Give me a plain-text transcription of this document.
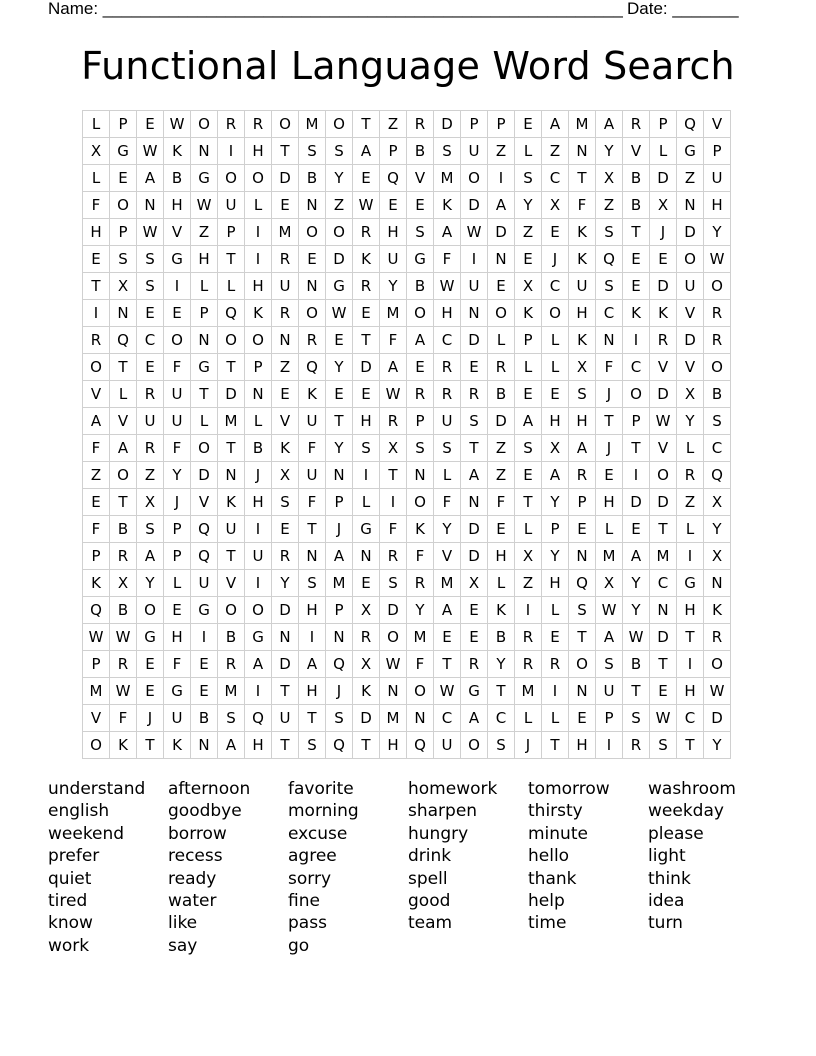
Name: _______________________________________________________ Date: _______
Functional Language Word Search
L	P	E	W	O	R	R	O	M	O	T	Z	R	D	P	P	E	A	M	A	R	P	Q	V
X	G	W	K	N	I	H	T	S	S	A	P	B	S	U	Z	L	Z	N	Y	V	L	G	P
L	E	A	B	G	O	O	D	B	Y	E	Q	V	M	O	I	S	C	T	X	B	D	Z	U
F	O	N	H	W	U	L	E	N	Z	W	E	E	K	D	A	Y	X	F	Z	B	X	N	H
H	P	W	V	Z	P	I	M	O	O	R	H	S	A	W	D	Z	E	K	S	T	J	D	Y
E	S	S	G	H	T	I	R	E	D	K	U	G	F	I	N	E	J	K	Q	E	E	O	W
T	X	S	I	L	L	H	U	N	G	R	Y	B	W	U	E	X	C	U	S	E	D	U	O
I	N	E	E	P	Q	K	R	O	W	E	M	O	H	N	O	K	O	H	C	K	K	V	R
R	Q	C	O	N	O	O	N	R	E	T	F	A	C	D	L	P	L	K	N	I	R	D	R
O	T	E	F	G	T	P	Z	Q	Y	D	A	E	R	E	R	L	L	X	F	C	V	V	O
V	L	R	U	T	D	N	E	K	E	E	W	R	R	R	B	E	E	S	J	O	D	X	B
A	V	U	U	L	M	L	V	U	T	H	R	P	U	S	D	A	H	H	T	P	W	Y	S
F	A	R	F	O	T	B	K	F	Y	S	X	S	S	T	Z	S	X	A	J	T	V	L	C
Z	O	Z	Y	D	N	J	X	U	N	I	T	N	L	A	Z	E	A	R	E	I	O	R	Q
E	T	X	J	V	K	H	S	F	P	L	I	O	F	N	F	T	Y	P	H	D	D	Z	X
F	B	S	P	Q	U	I	E	T	J	G	F	K	Y	D	E	L	P	E	L	E	T	L	Y
P	R	A	P	Q	T	U	R	N	A	N	R	F	V	D	H	X	Y	N	M	A	M	I	X
K	X	Y	L	U	V	I	Y	S	M	E	S	R	M	X	L	Z	H	Q	X	Y	C	G	N
Q	B	O	E	G	O	O	D	H	P	X	D	Y	A	E	K	I	L	S	W	Y	N	H	K
W	W	G	H	I	B	G	N	I	N	R	O	M	E	E	B	R	E	T	A	W	D	T	R
P	R	E	F	E	R	A	D	A	Q	X	W	F	T	R	Y	R	R	O	S	B	T	I	O
M	W	E	G	E	M	I	T	H	J	K	N	O	W	G	T	M	I	N	U	T	E	H	W
V	F	J	U	B	S	Q	U	T	S	D	M	N	C	A	C	L	L	E	P	S	W	C	D
O	K	T	K	N	A	H	T	S	Q	T	H	Q	U	O	S	J	T	H	I	R	S	T	Y
understand
english
weekend
prefer
quiet
tired
know
work
afternoon
goodbye
borrow
recess
ready
water
like
say
favorite
morning
excuse
agree
sorry
fine
pass
go
homework
sharpen
hungry
drink
spell
good
team
tomorrow
thirsty
minute
hello
thank
help
time
washroom
weekday
please
light
think
idea
turn
